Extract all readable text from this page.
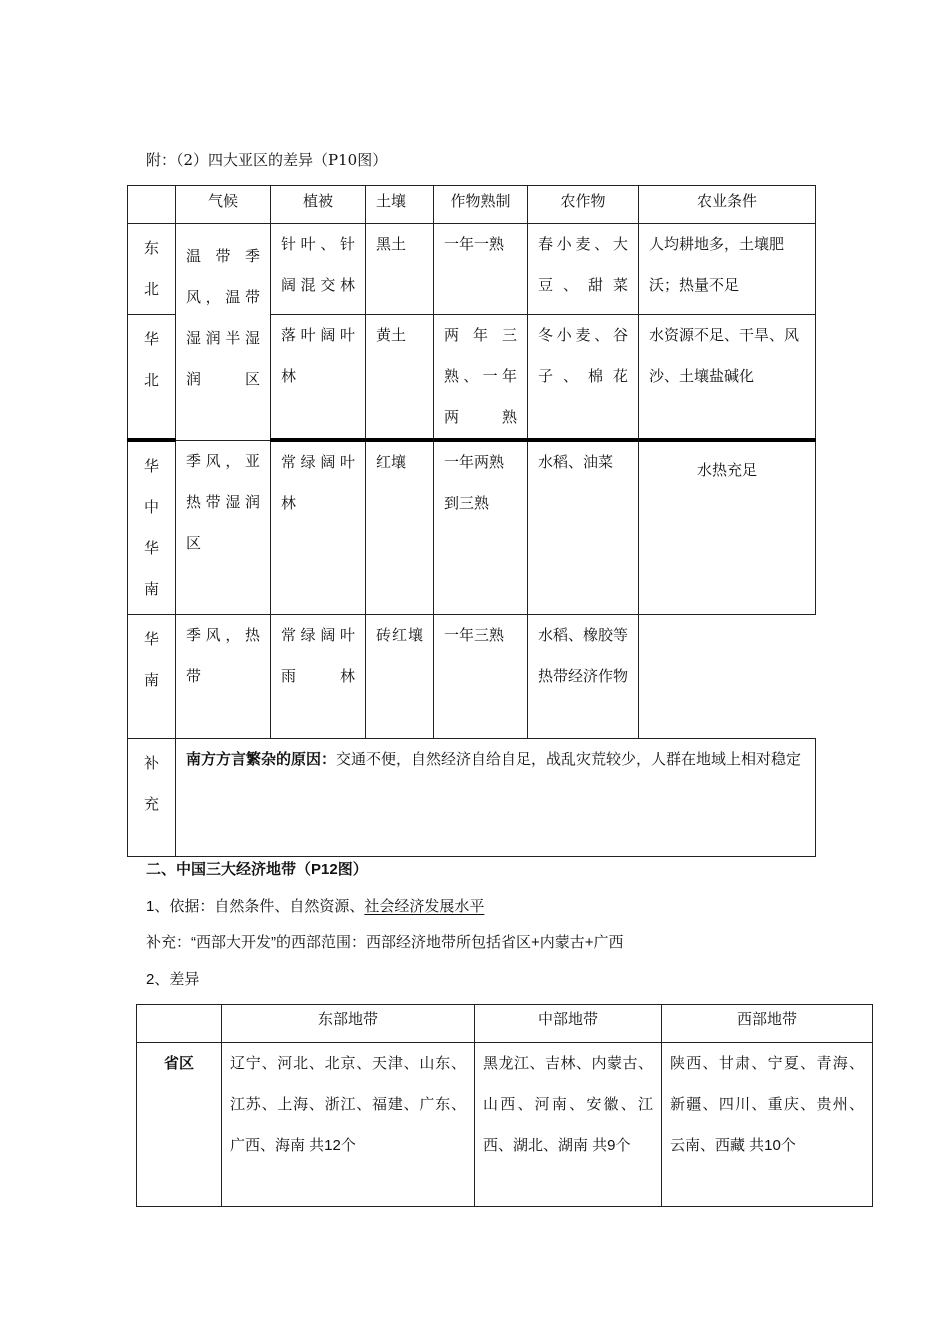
附：（2）四大亚区的差异（P10图）
	气候	植被	土壤	作物熟制	农作物	农业条件

东北	温带季风，温带湿润半湿润区	针叶、针阔混交林	黑土	一年一熟	春小麦、大豆、甜菜	人均耕地多，土壤肥沃；热量不足

华北		落叶阔叶林	黄土	两年三熟、一年两熟	冬小麦、谷子、棉花	水资源不足、干旱、风沙、土壤盐碱化

华中华南	季风，亚热带湿润区	常绿阔叶林	红壤	一年两熟到三熟	水稻、油菜	水热充足

华南	季风，热带	常绿阔叶雨林	砖红壤	一年三熟	水稻、橡胶等热带经济作物	

补充	南方方言繁杂的原因：交通不便，自然经济自给自足，战乱灾荒较少，人群在地域上相对稳定					
二、中国三大经济地带（P12图）
1、依据：自然条件、自然资源、社会经济发展水平
补充：“西部大开发”的西部范围：西部经济地带所包括省区+内蒙古+广西
2、差异
	东部地带	中部地带	西部地带
省区	辽宁、河北、北京、天津、山东、江苏、上海、浙江、福建、广东、广西、海南 共12个	黑龙江、吉林、内蒙古、山西、河南、安徽、江西、湖北、湖南 共9个	陕西、甘肃、宁夏、青海、新疆、四川、重庆、贵州、云南、西藏 共10个
